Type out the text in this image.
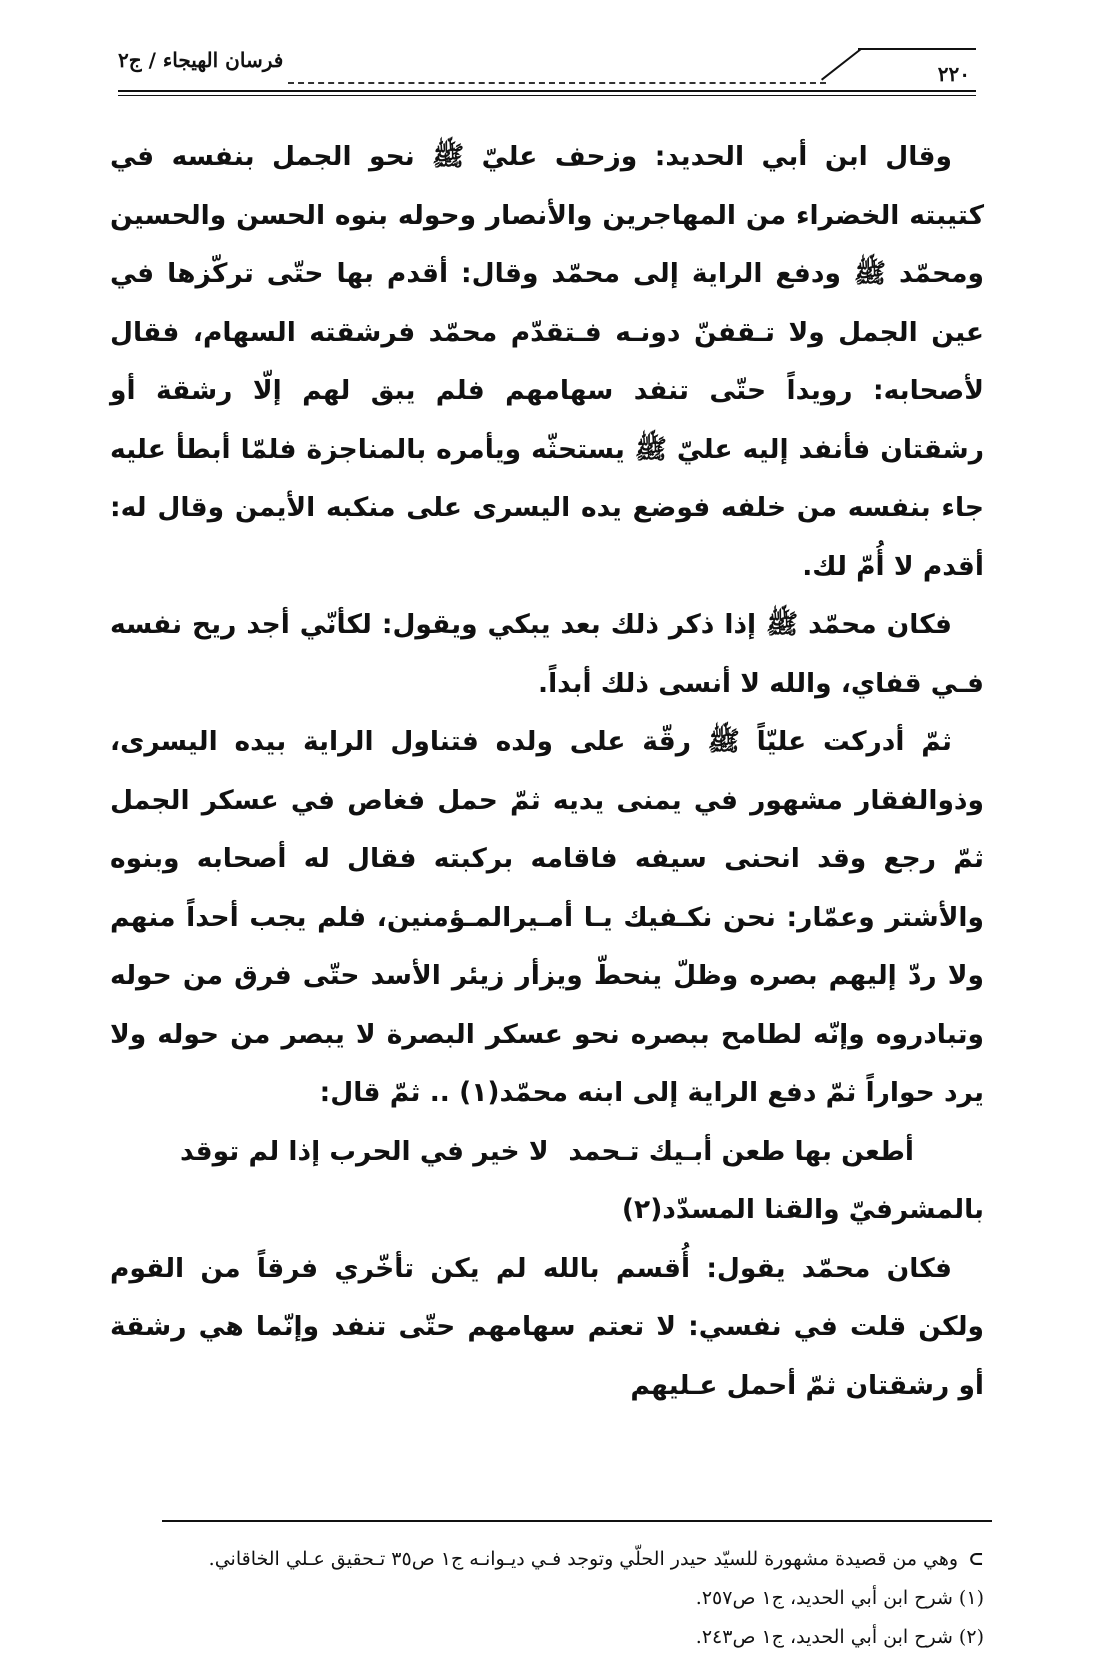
فرسان الهيجاء / ج٢
٢٢٠

وقال ابن أبي الحديد: وزحف عليّ ﷺ نحو الجمل بنفسه في كتيبته الخضراء من المهاجرين والأنصار وحوله بنوه الحسن والحسين ومحمّد ﷺ ودفع الراية إلى محمّد وقال: أقدم بها حتّى تركّزها في عين الجمل ولا تـقفنّ دونـه فـتقدّم محمّد فرشقته السهام، فقال لأصحابه: رويداً حتّى تنفد سهامهم فلم يبق لهم إلّا رشقة أو رشقتان فأنفد إليه عليّ ﷺ يستحثّه ويأمره بالمناجزة فلمّا أبطأ عليه جاء بنفسه من خلفه فوضع يده اليسرى على منكبه الأيمن وقال له: أقدم لا أُمّ لك.

فكان محمّد ﷺ إذا ذكر ذلك بعد يبكي ويقول: لكأنّي أجد ريح نفسه فـي قفاي، والله لا أنسى ذلك أبداً.

ثمّ أدركت عليّاً ﷺ رقّة على ولده فتناول الراية بيده اليسرى، وذوالفقار مشهور في يمنى يديه ثمّ حمل فغاص في عسكر الجمل ثمّ رجع وقد انحنى سيفه فاقامه بركبته فقال له أصحابه وبنوه والأشتر وعمّار: نحن نكـفيك يـا أمـيرالمـؤمنين، فلم يجب أحداً منهم ولا ردّ إليهم بصره وظلّ ينحطّ ويزأر زيئر الأسد حتّى فرق من حوله وتبادروه وإنّه لطامح ببصره نحو عسكر البصرة لا يبصر من حوله ولا يرد حواراً ثمّ دفع الراية إلى ابنه محمّد(١) .. ثمّ قال:

أطعن بها طعن أبـيك تـحمد
لا خير في الحرب إذا لم توقد
بالمشرفيّ والقنا المسدّد(٢)

فكان محمّد يقول: أُقسم بالله لم يكن تأخّري فرقاً من القوم ولكن قلت في نفسي: لا تعتم سهامهم حتّى تنفد وإنّما هي رشقة أو رشقتان ثمّ أحمل عـليهم

⊃وهي من قصيدة مشهورة للسيّد حيدر الحلّي وتوجد فـي ديـوانـه ج١ ص٣٥ تـحقيق عـلي الخاقاني.

(١) شرح ابن أبي الحديد، ج١ ص٢٥٧.

(٢) شرح ابن أبي الحديد، ج١ ص٢٤٣.
